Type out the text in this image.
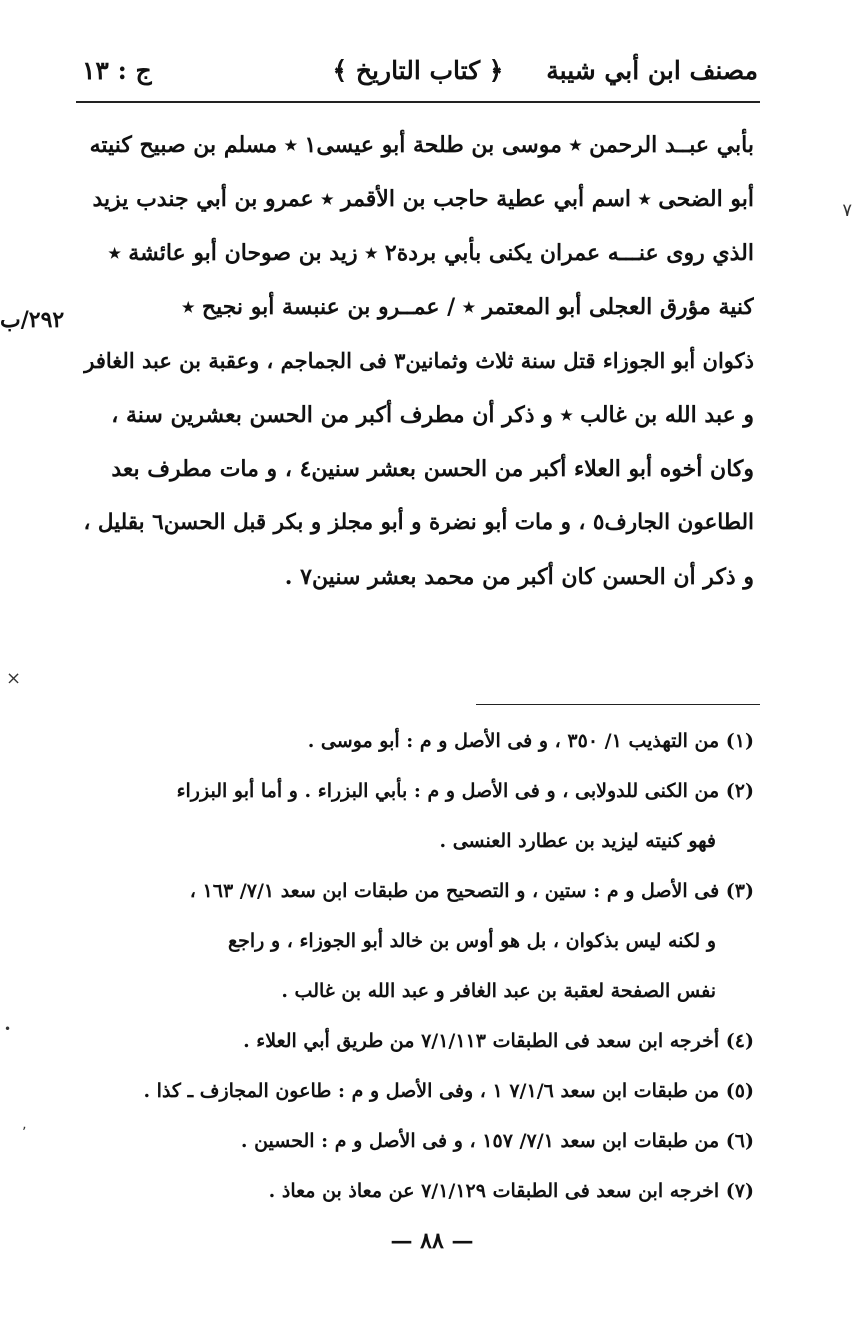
مصنف ابن أبي شيبة
﴿ كتاب التاريخ ﴾
ج : ١٣
بأبي عبــد الرحمن ٭ موسى بن طلحة أبو عيسى١ ٭ مسلم بن صبيح كنيته
أبو الضحى ٭ اسم أبي عطية حاجب بن الأقمر ٭ عمرو بن أبي جندب يزيد
الذي روى عنـــه عمران يكنى بأبي بردة٢ ٭ زيد بن صوحان أبو عائشة ٭
كنية مؤرق العجلى أبو المعتمر ٭ / عمــرو بن عنبسة أبو نجيح ٭
ذكوان أبو الجوزاء قتل سنة ثلاث وثمانين٣ فى الجماجم ، وعقبة بن عبد الغافر
و عبد الله بن غالب ٭ و ذكر أن مطرف أكبر من الحسن بعشرين سنة ،
وكان أخوه أبو العلاء أكبر من الحسن بعشر سنين٤ ، و مات مطرف بعد
الطاعون الجارف٥ ، و مات أبو نضرة و أبو مجلز و بكر قبل الحسن٦ بقليل ،
و ذكر أن الحسن كان أكبر من محمد بعشر سنين٧ .
٢٩٢/ب
٧
×
•
٬
(١) من التهذيب ١/ ٣٥٠ ، و فى الأصل و م : أبو موسى .
(٢) من الكنى للدولابى ، و فى الأصل و م : بأبي البزراء . و أما أبو البزراء
فهو كنيته ليزيد بن عطارد العنسى .
(٣) فى الأصل و م : ستين ، و التصحيح من طبقات ابن سعد ٧/١/ ١٦٣ ،
و لكنه ليس بذكوان ، بل هو أوس بن خالد أبو الجوزاء ، و راجع
نفس الصفحة لعقبة بن عبد الغافر و عبد الله بن غالب .
(٤) أخرجه ابن سعد فى الطبقات ٧/١/١١٣ من طريق أبي العلاء .
(٥) من طبقات ابن سعد ٧/١/٦ ١ ، وفى الأصل و م : طاعون المجازف ـ كذا .
(٦) من طبقات ابن سعد ٧/١/ ١٥٧ ، و فى الأصل و م : الحسين .
(٧) اخرجه ابن سعد فى الطبقات ٧/١/١٢٩ عن معاذ بن معاذ .
— ٨٨ —
